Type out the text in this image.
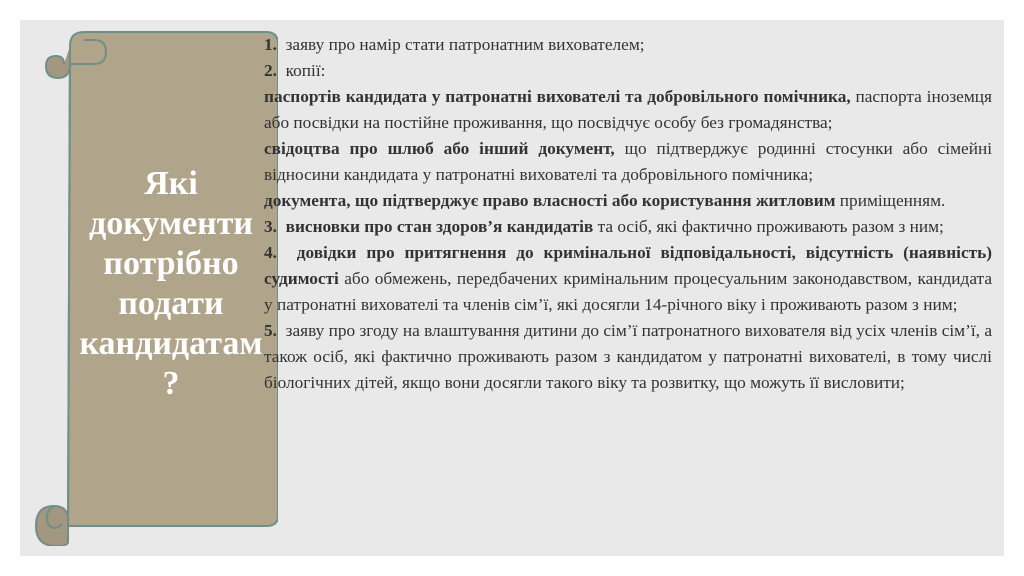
Які
документи
потрібно
подати
кандидатам
?

1. заяву про намір стати патронатним вихователем;

2. копії:

паспортів кандидата у патронатні вихователі та добровільного помічника, паспорта іноземця або посвідки на постійне проживання, що посвідчує особу без громадянства;

свідоцтва про шлюб або інший документ, що підтверджує родинні стосунки або сімейні відносини кандидата у патронатні вихователі та добровільного помічника;

документа, що підтверджує право власності або користування житловим приміщенням.

3. висновки про стан здоров’я кандидатів та осіб, які фактично проживають разом з ним;

4. довідки про притягнення до кримінальної відповідальності, відсутність (наявність) судимості або обмежень, передбачених кримінальним процесуальним законодавством, кандидата у патронатні вихователі та членів сім’ї, які досягли 14-річного віку і проживають разом з ним;

5. заяву про згоду на влаштування дитини до сім’ї патронатного вихователя від усіх членів сім’ї, а також осіб, які фактично проживають разом з кандидатом у патронатні вихователі, в тому числі біологічних дітей, якщо вони досягли такого віку та розвитку, що можуть її висловити;
